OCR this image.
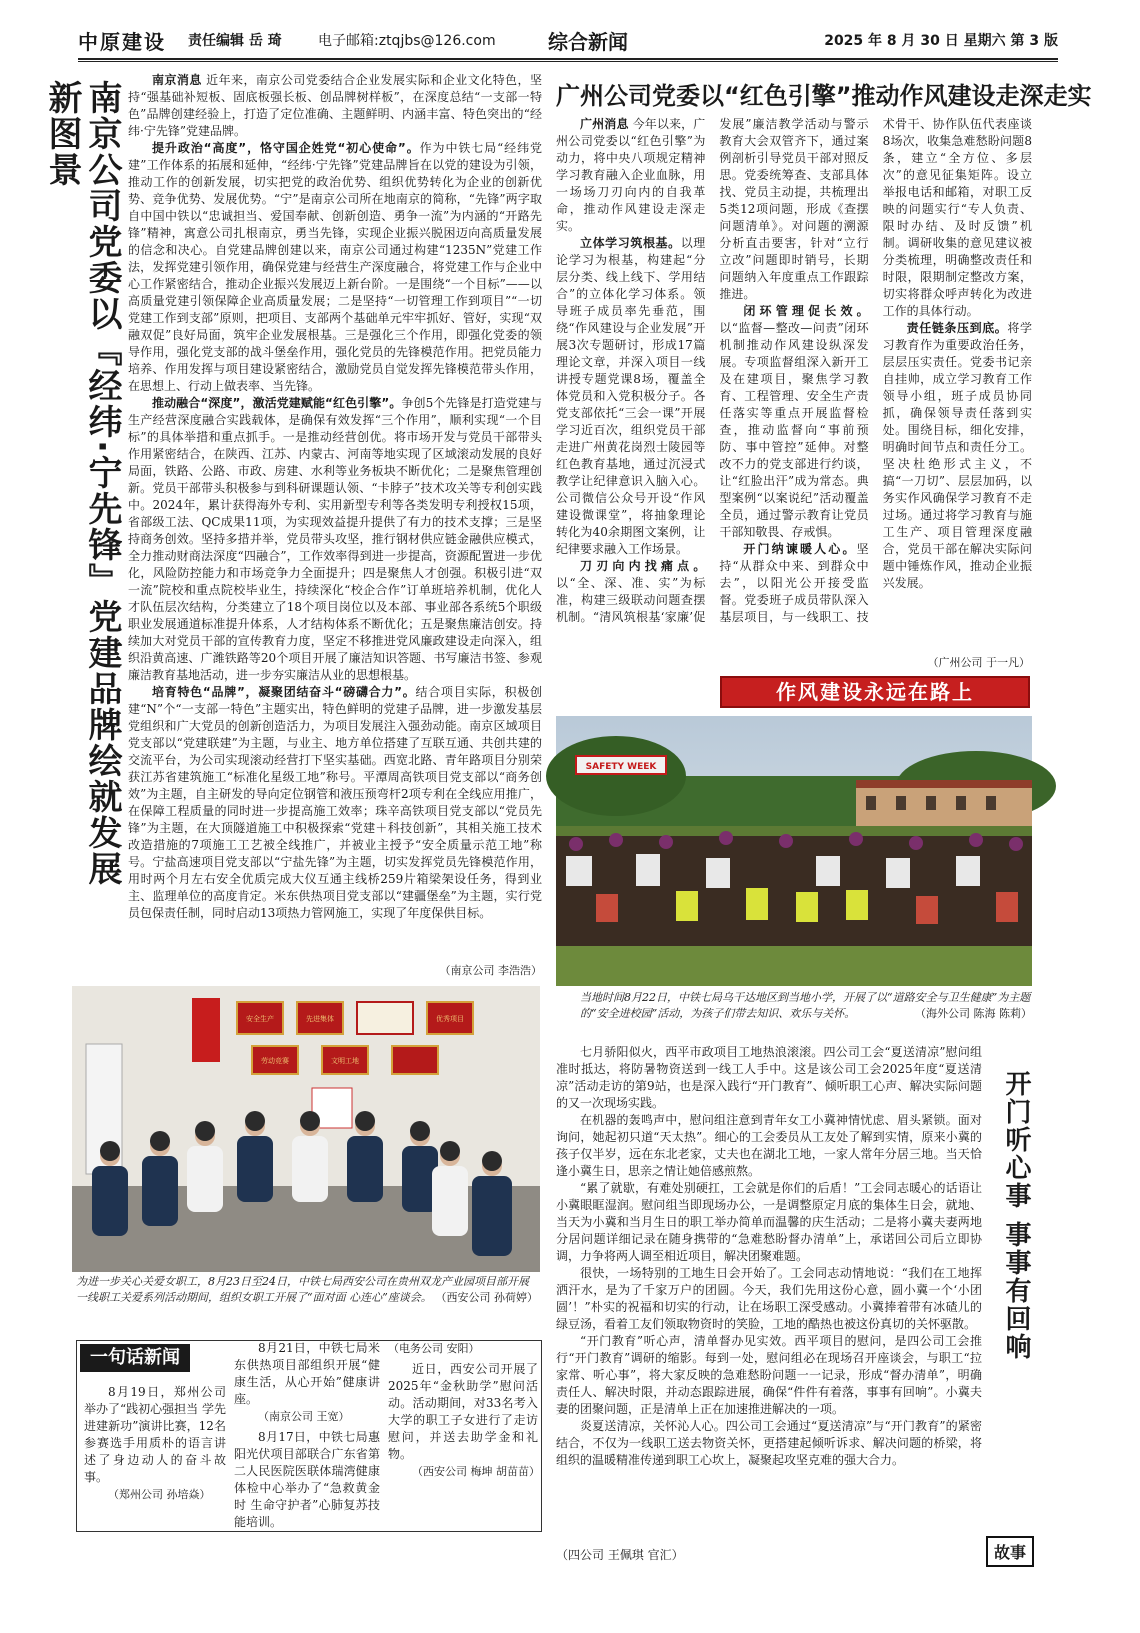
中原建设 责任编辑 岳 琦	电子邮箱:ztqjbs@126.com	综合新闻	2025 年 8 月 30 日 星期六 第 3 版
南京公司党委以『经纬·宁先锋』党建品牌绘就发展新图景	南京消息 近年来，南京公司党委结合企业发展实际和企业文化特色，坚持“强基础补短板、固底板强长板、创品牌树样板”，在深度总结“一支部一特色”品牌创建经验上，打造了定位准确、主题鲜明、内涵丰富、特色突出的“经纬·宁先锋”党建品牌。

提升政治“高度”，恪守国企姓党“初心使命”。作为中铁七局“经纬党建”工作体系的拓展和延伸，“经纬·宁先锋”党建品牌旨在以党的建设为引领，推动工作的创新发展，切实把党的政治优势、组织优势转化为企业的创新优势、竞争优势、发展优势。“宁”是南京公司所在地南京的简称，“先锋”两字取自中国中铁以“忠诚担当、爱国奉献、创新创造、勇争一流”为内涵的“开路先锋”精神，寓意公司扎根南京，勇当先锋，实现企业振兴脱困迈向高质量发展的信念和决心。自党建品牌创建以来，南京公司通过构建“1235N”党建工作法，发挥党建引领作用，确保党建与经营生产深度融合，将党建工作与企业中心工作紧密结合，推动企业振兴发展迈上新台阶。一是围绕“一个目标”——以高质量党建引领保障企业高质量发展；二是坚持“一切管理工作到项目”“一切党建工作到支部”原则，把项目、支部两个基础单元牢牢抓好、管好，实现“双融双促”良好局面，筑牢企业发展根基。三是强化三个作用，即强化党委的领导作用，强化党支部的战斗堡垒作用，强化党员的先锋模范作用。把党员能力培养、作用发挥与项目建设紧密结合，激励党员自觉发挥先锋模范带头作用，在思想上、行动上做表率、当先锋。

推动融合“深度”，激活党建赋能“红色引擎”。争创5个先锋是打造党建与生产经营深度融合实践载体，是确保有效发挥“三个作用”，顺利实现“一个目标”的具体举措和重点抓手。一是推动经营创优。将市场开发与党员干部带头作用紧密结合，在陕西、江苏、内蒙古、河南等地实现了区域滚动发展的良好局面，铁路、公路、市政、房建、水利等业务板块不断优化；二是聚焦管理创新。党员干部带头积极参与到科研课题认领、“卡脖子”技术攻关等专利创实践中。2024年，累计获得海外专利、实用新型专利等各类发明专利授权15项，省部级工法、QC成果11项，为实现效益提升提供了有力的技术支撑；三是坚持商务创效。坚持多措并举，党员带头攻坚，推行钢材供应链金融供应模式，全力推动财商法深度“四融合”，工作效率得到进一步提高，资源配置进一步优化，风险防控能力和市场竞争力全面提升；四是聚焦人才创强。积极引进“双一流”院校和重点院校毕业生，持续深化“校企合作”订单班培养机制，优化人才队伍层次结构，分类建立了18个项目岗位以及本部、事业部各系统5个职级职业发展通道标准提升体系，人才结构体系不断优化；五是聚焦廉洁创安。持续加大对党员干部的宣传教育力度，坚定不移推进党风廉政建设走向深入，组织沿黄高速、广潍铁路等20个项目开展了廉洁知识答题、书写廉洁书签、参观廉洁教育基地活动，进一步夯实廉洁从业的思想根基。

培育特色“品牌”，凝聚团结奋斗“磅礴合力”。结合项目实际，积极创建“N”个“一支部一特色”主题实出，特色鲜明的党建子品牌，进一步激发基层党组织和广大党员的创新创造活力，为项目发展注入强劲动能。南京区域项目党支部以“党建联建”为主题，与业主、地方单位搭建了互联互通、共创共建的交流平台，为公司实现滚动经营打下坚实基础。西宽北路、青年路项目分别荣获江苏省建筑施工“标准化星级工地”称号。平潭周高铁项目党支部以“商务创效”为主题，自主研发的导向定位钢管和液压预弯杆2项专利在全线应用推广，在保障工程质量的同时进一步提高施工效率；珠辛高铁项目党支部以“党员先锋”为主题，在大顶隧道施工中积极探索“党建＋科技创新”，其相关施工技术改造措施的7项施工工艺被全线推广，并被业主授予“安全质量示范工地”称号。宁盐高速项目党支部以“宁盐先锋”为主题，切实发挥党员先锋模范作用，用时两个月左右安全优质完成大仪互通主线桥259片箱梁架设任务，得到业主、监理单位的高度肯定。米东供热项目党支部以“建疆堡垒”为主题，实行党员包保责任制，同时启动13项热力管网施工，实现了年度保供目标。

（南京公司 李浩浩）
广州公司党委以“红色引擎”推动作风建设走深走实

广州消息 今年以来，广州公司党委以“红色引擎”为动力，将中央八项规定精神学习教育融入企业血脉，用一场场刀刃向内的自我革命，推动作风建设走深走实。

立体学习筑根基。以理论学习为根基，构建起“分层分类、线上线下、学用结合”的立体化学习体系。领导班子成员率先垂范，围绕“作风建设与企业发展”开展3次专题研讨，形成17篇理论文章，并深入项目一线讲授专题党课8场，覆盖全体党员和入党积极分子。各党支部依托“三会一课”开展学习近百次，组织党员干部走进广州黄花岗烈士陵园等红色教育基地，通过沉浸式教学让纪律意识入脑入心。公司微信公众号开设“作风建设微课堂”，将抽象理论转化为40余期图文案例，让纪律要求融入工作场景。

刀刃向内找痛点。以“全、深、准、实”为标准，构建三级联动问题查摆机制。“清风筑根基‘家廉’促发展”廉洁教学活动与警示教育大会双管齐下，通过案例剖析引导党员干部对照反思。党委统筹查、支部具体找、党员主动提，共梳理出5类12项问题，形成《查摆问题清单》。对问题的溯源分析直击要害，针对“立行立改”问题即时销号，长期问题纳入年度重点工作跟踪推进。

闭环管理促长效。以“监督—整改—问责”闭环机制推动作风建设纵深发展。专项监督组深入新开工及在建项目，聚焦学习教育、工程管理、安全生产责任落实等重点开展监督检查，推动监督向“事前预防、事中管控”延伸。对整改不力的党支部进行约谈，让“红脸出汗”成为常态。典型案例“以案说纪”活动覆盖全员，通过警示教育让党员干部知敬畏、存戒惧。

开门纳谏暖人心。坚持“从群众中来、到群众中去”，以阳光公开接受监督。党委班子成员带队深入基层项目，与一线职工、技术骨干、协作队伍代表座谈8场次，收集急难愁盼问题8条，建立“全方位、多层次”的意见征集矩阵。设立举报电话和邮箱，对职工反映的问题实行“专人负责、限时办结、及时反馈”机制。调研收集的意见建议被分类梳理，明确整改责任和时限，限期制定整改方案，切实将群众呼声转化为改进工作的具体行动。

责任链条压到底。将学习教育作为重要政治任务，层层压实责任。党委书记亲自挂帅，成立学习教育工作领导小组，班子成员协同抓，确保领导责任落到实处。围绕目标，细化安排，明确时间节点和责任分工。坚决杜绝形式主义，不搞“一刀切”、层层加码，以务实作风确保学习教育不走过场。通过将学习教育与施工生产、项目管理深度融合，党员干部在解决实际问题中锤炼作风，推动企业振兴发展。

（广州公司 于一凡）
作风建设永远在路上
SAFETY WEEK
当地时间8月22日，中铁七局乌干达地区到当地小学，开展了以“道路安全与卫生健康”为主题的“安全进校园”活动，为孩子们带去知识、欢乐与关怀。	（海外公司 陈海 陈莉）
安全生产	先进集体	优秀项目
劳动竞赛	文明工地
为进一步关心关爱女职工，8月23日至24日，中铁七局西安公司在贵州双龙产业园项目部开展一线职工关爱系列活动期间，组织女职工开展了“面对面 心连心”座谈会。 （西安公司 孙荷婷）
一句话新闻
8月19日，郑州公司举办了“践初心强担当 学先进建新功”演讲比赛，12名参赛选手用质朴的语言讲述了身边动人的奋斗故事。
（郑州公司 孙培焱）
8月21日，中铁七局米东供热项目部组织开展“健康生活，从心开始”健康讲座。
（南京公司 王宽）
8月17日，中铁七局惠阳光伏项目部联合广东省第二人民医院医联体瑞湾健康体检中心举办了“急救黄金时 生命守护者”心肺复苏技能培训。
（电务公司 安阳）
近日，西安公司开展了2025年“金秋助学”慰问活动。活动期间，对33名考入大学的职工子女进行了走访慰问，并送去助学金和礼物。
（西安公司 梅坤 胡苗苗）

七月骄阳似火，西平市政项目工地热浪滚滚。四公司工会“夏送清凉”慰问组准时抵达，将防暑物资送到一线工人手中。这是该公司工会2025年度“夏送清凉”活动走访的第9站，也是深入践行“开门教育”、倾听职工心声、解决实际问题的又一次现场实践。

在机器的轰鸣声中，慰问组注意到青年女工小冀神情忧虑、眉头紧锁。面对询问，她起初只道“天太热”。细心的工会委员从工友处了解到实情，原来小冀的孩子仅半岁，远在东北老家，丈夫也在湖北工地，一家人常年分居三地。当天恰逢小冀生日，思亲之情让她倍感煎熬。

“累了就歇，有难处别硬扛，工会就是你们的后盾！”工会同志暖心的话语让小冀眼眶湿润。慰问组当即现场办公，一是调整原定月底的集体生日会，就地、当天为小冀和当月生日的职工举办简单而温馨的庆生活动；二是将小冀夫妻两地分居问题详细记录在随身携带的“急难愁盼督办清单”上，承诺回公司后立即协调，力争将两人调至相近项目，解决团聚难题。

很快，一场特别的工地生日会开始了。工会同志动情地说：“我们在工地挥洒汗水，是为了千家万户的团圆。今天，我们先用这份心意，圆小冀一个‘小团圆’！”朴实的祝福和切实的行动，让在场职工深受感动。小冀捧着带有冰碴儿的绿豆汤，看着工友们领取物资时的笑脸，工地的酷热也被这份真切的关怀驱散。

“开门教育”听心声，清单督办见实效。西平项目的慰问，是四公司工会推行“开门教育”调研的缩影。每到一处，慰问组必在现场召开座谈会，与职工“拉家常、听心事”，将大家反映的急难愁盼问题一一记录，形成“督办清单”，明确责任人、解决时限，并动态跟踪进展，确保“件件有着落，事事有回响”。小冀夫妻的团聚问题，正是清单上正在加速推进解决的一项。

炎夏送清凉，关怀沁人心。四公司工会通过“夏送清凉”与“开门教育”的紧密结合，不仅为一线职工送去物资关怀，更搭建起倾听诉求、解决问题的桥梁，将组织的温暖精准传递到职工心坎上，凝聚起攻坚克难的强大合力。

（四公司 王佩琪 官汇）
开门听心事 事事有回响
故事
